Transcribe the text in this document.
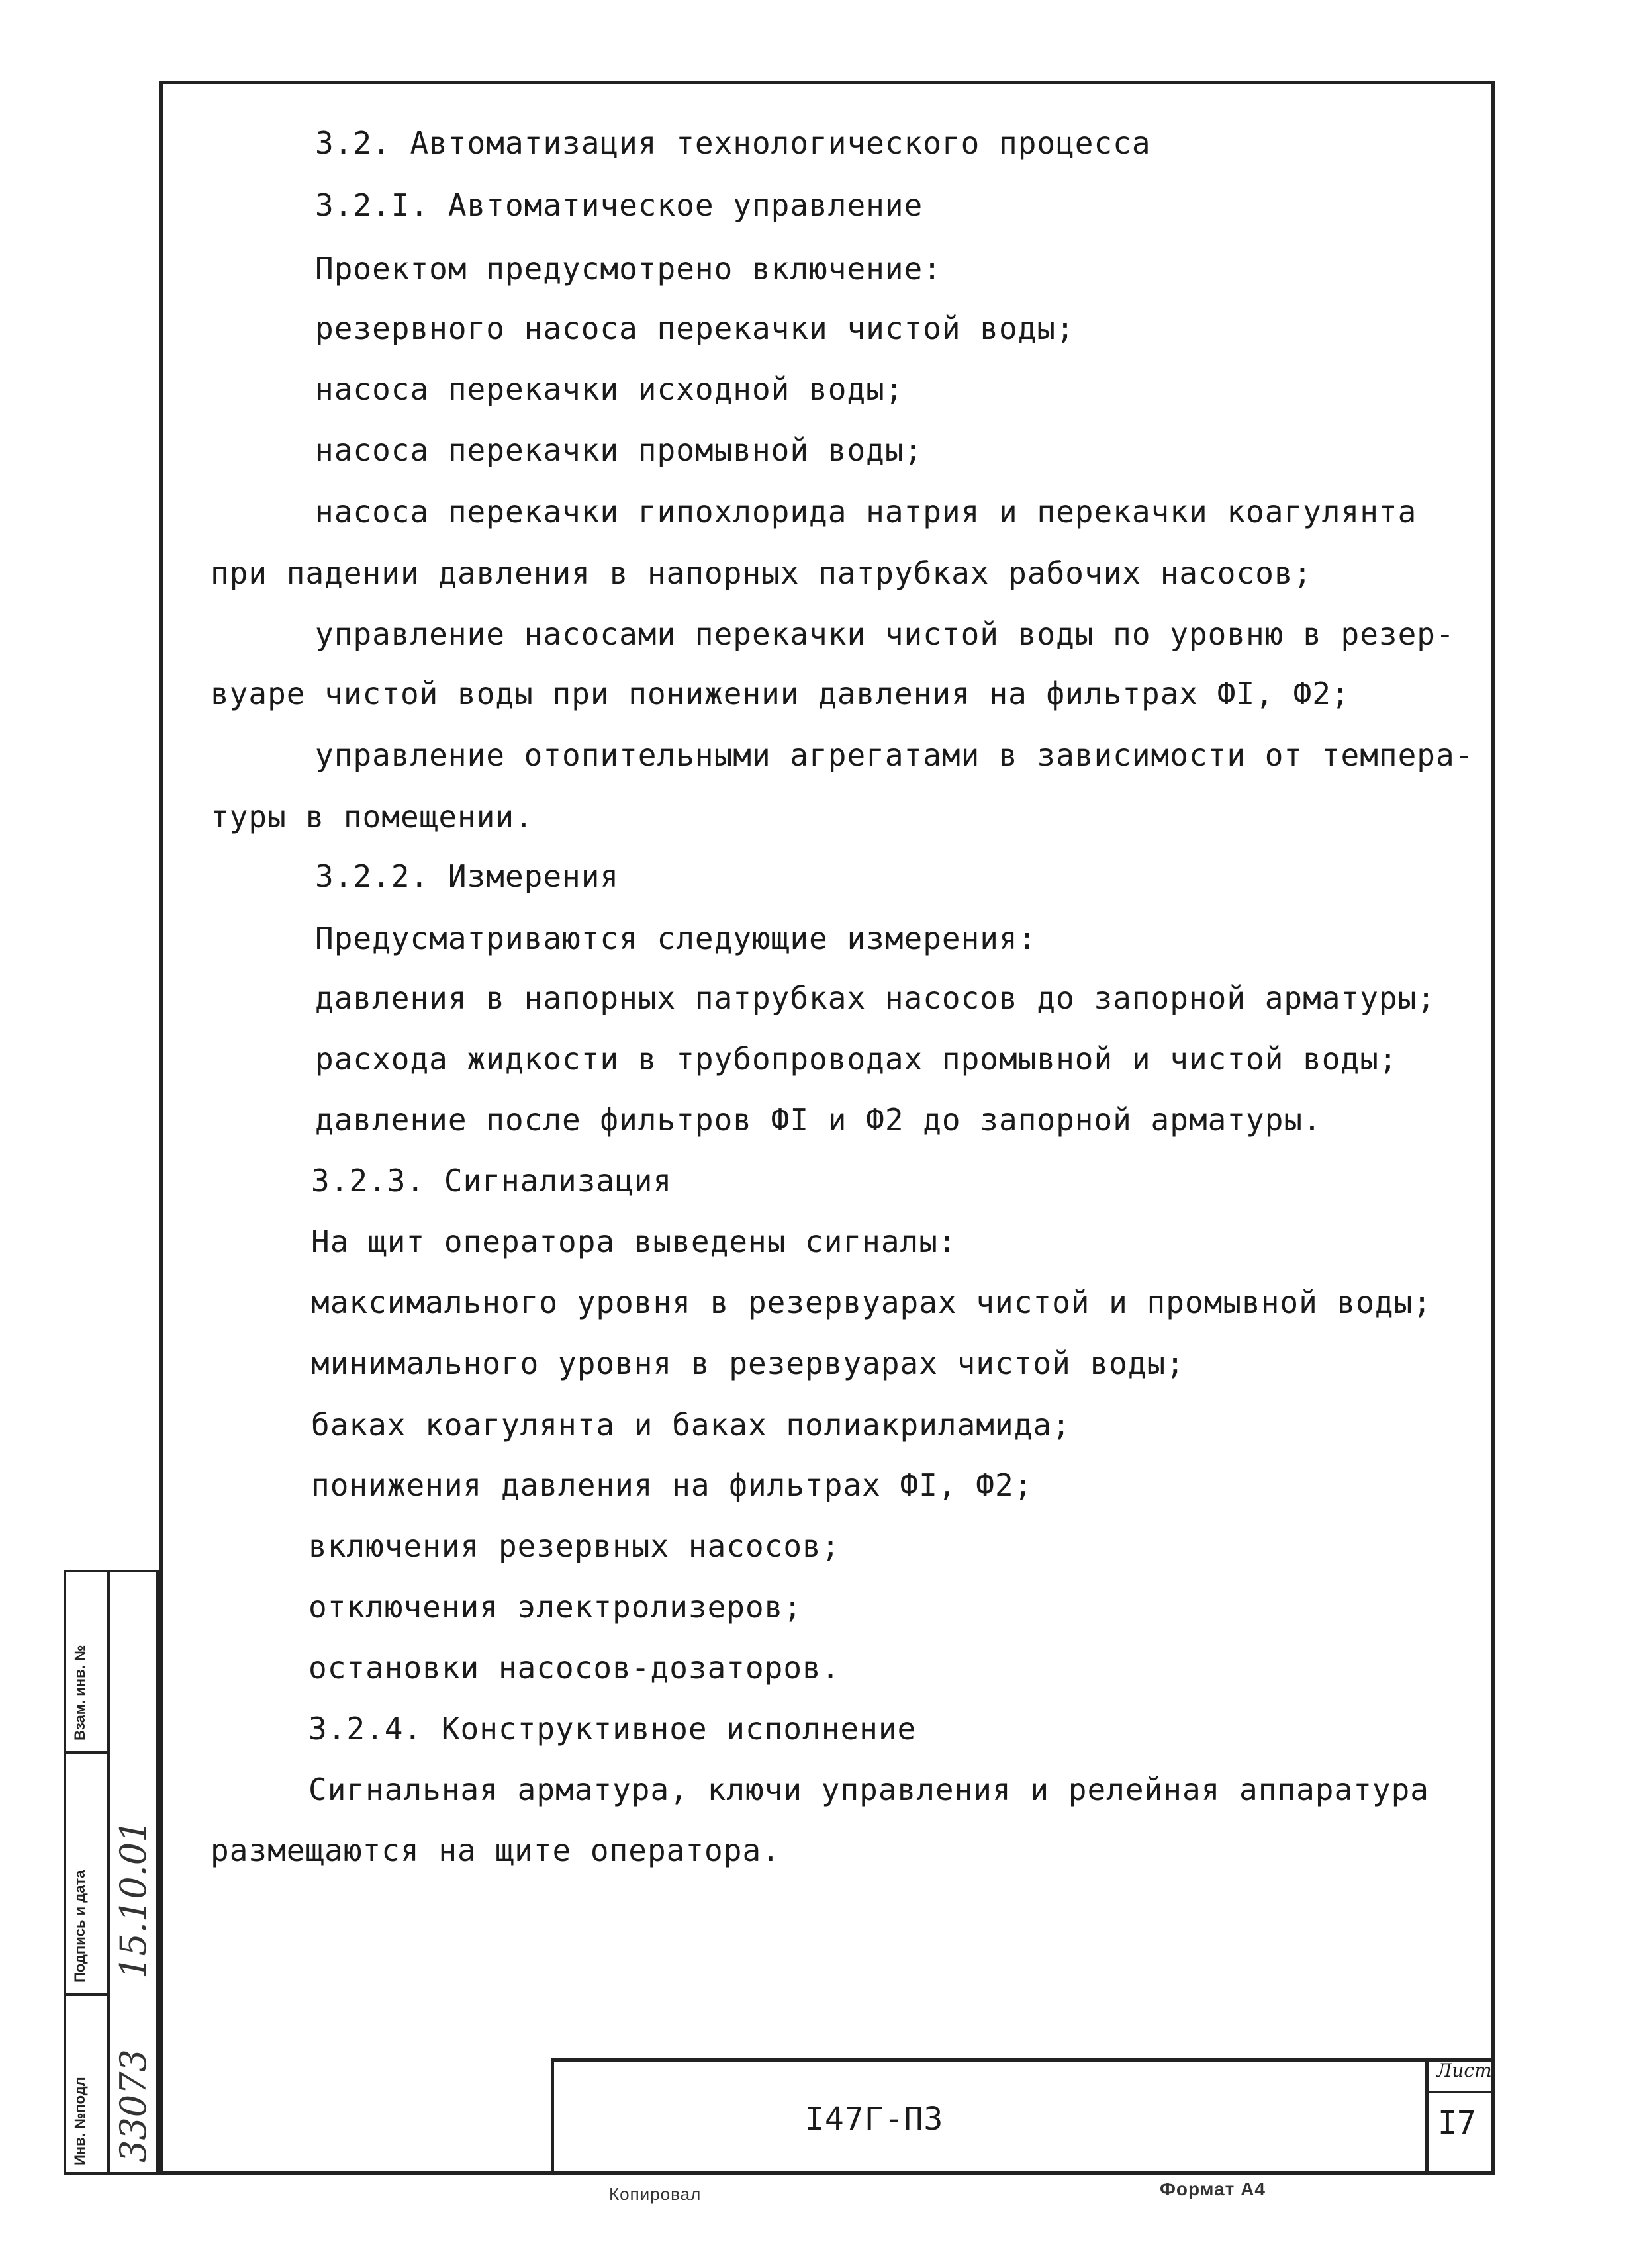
3.2. Автоматизация технологического процесса
3.2.I. Автоматическое управление
Проектом предусмотрено включение:
резервного насоса перекачки чистой воды;
насоса перекачки исходной воды;
насоса перекачки промывной воды;
насоса перекачки гипохлорида натрия и перекачки коагулянта
при падении давления в напорных патрубках рабочих насосов;
управление насосами перекачки чистой воды по уровню в резер-
вуаре чистой воды при понижении давления на фильтрах ФI, Ф2;
управление отопительными агрегатами в зависимости от темпера-
туры в помещении.
3.2.2. Измерения
Предусматриваются следующие измерения:
давления в напорных патрубках насосов до запорной арматуры;
расхода жидкости в трубопроводах промывной и чистой воды;
давление после фильтров ФI и Ф2 до запорной арматуры.
3.2.3. Сигнализация
На щит оператора выведены сигналы:
максимального уровня в резервуарах чистой и промывной воды;
минимального уровня в резервуарах чистой воды;
баках коагулянта и баках полиакриламида;
понижения давления на фильтрах ФI, Ф2;
включения резервных насосов;
отключения электролизеров;
остановки насосов-дозаторов.
3.2.4. Конструктивное исполнение
Сигнальная арматура, ключи управления и релейная аппаратура
размещаются на щите оператора.
I47Г-ПЗ
Лист
I7
Копировал	Формат А4
Взам. инв. №
Подпись и дата
Инв. №подл
15.10.01
33073
